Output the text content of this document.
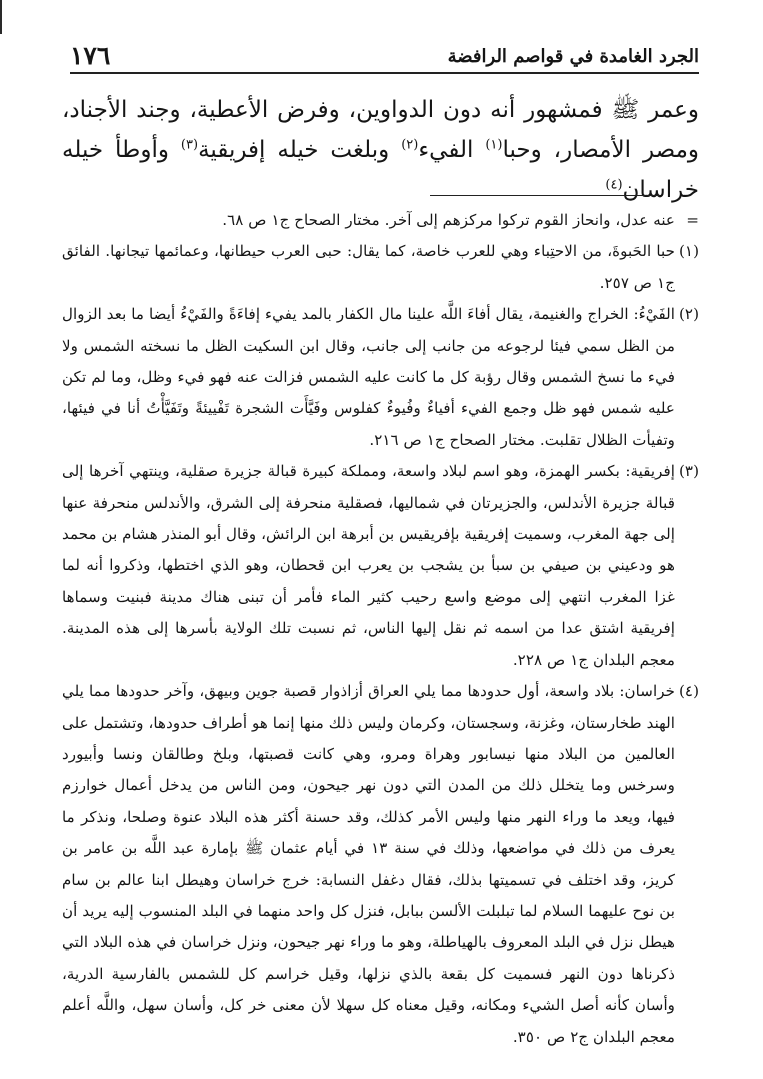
الجرد الغامدة في قواصم الرافضة
١٧٦

وعمر ﷺ فمشهور أنه دون الدواوين، وفرض الأعطية، وجند الأجناد، ومصر الأمصار، وحبا$^{(١)}$ الفيء$^{(٢)}$ وبلغت خيله إفريقية$^{(٣)}$ وأوطأ خيله خراسان$^{(٤)}$

=
عنه عدل، وانحاز القوم تركوا مركزهم إلى آخر. مختار الصحاح ج١ ص ٦٨.
(١)
حبا الحَبوةَ، من الاحتِباء وهي للعرب خاصة، كما يقال: حبى العرب حيطانها، وعمائمها تيجانها. الفائق ج١ ص ٢٥٧.
(٢)
الفَيْءُ: الخراج والغنيمة، يقال أفاءَ اللَّه علينا مال الكفار بالمد يفيء إفاءَةً والفَيْءُ أيضا ما بعد الزوال من الظل سمي فيئا لرجوعه من جانب إلى جانب، وقال ابن السكيت الظل ما نسخته الشمس ولا فيء ما نسخ الشمس وقال رؤبة كل ما كانت عليه الشمس فزالت عنه فهو فيء وظل، وما لم تكن عليه شمس فهو ظل وجمع الفيء أفياءٌ وفُيوءٌ كفلوس وفَيَّأَت الشجرة تَفْييئةً وتَفَيَّأْتُ أنا في فيئها، وتفيأت الظلال تقلبت. مختار الصحاح ج١ ص ٢١٦.
(٣)
إفريقية: بكسر الهمزة، وهو اسم لبلاد واسعة، ومملكة كبيرة قبالة جزيرة صقلية، وينتهي آخرها إلى قبالة جزيرة الأندلس، والجزيرتان في شماليها، فصقلية منحرفة إلى الشرق، والأندلس منحرفة عنها إلى جهة المغرب، وسميت إفريقية بإفريقيس بن أبرهة ابن الرائش، وقال أبو المنذر هشام بن محمد هو ودعيني بن صيفي بن سبأ بن يشجب بن يعرب ابن قحطان، وهو الذي اختطها، وذكروا أنه لما غزا المغرب انتهي إلى موضع واسع رحيب كثير الماء فأمر أن تبنى هناك مدينة فبنيت وسماها إفريقية اشتق عدا من اسمه ثم نقل إليها الناس، ثم نسبت تلك الولاية بأسرها إلى هذه المدينة. معجم البلدان ج١ ص ٢٢٨.
(٤)
خراسان: بلاد واسعة، أول حدودها مما يلي العراق أزاذوار قصبة جوين وبيهق، وآخر حدودها مما يلي الهند طخارستان، وغزنة، وسجستان، وكرمان وليس ذلك منها إنما هو أطراف حدودها، وتشتمل على العالمين من البلاد منها نيسابور وهراة ومرو، وهي كانت قصبتها، وبلخ وطالقان ونسا وأبيورد وسرخس وما يتخلل ذلك من المدن التي دون نهر جيحون، ومن الناس من يدخل أعمال خوارزم فيها، ويعد ما وراء النهر منها وليس الأمر كذلك، وقد حسنة أكثر هذه البلاد عنوة وصلحا، ونذكر ما يعرف من ذلك في مواضعها، وذلك في سنة ١٣ في أيام عثمان ﷺ بإمارة عبد اللَّه بن عامر بن كريز، وقد اختلف في تسميتها بذلك، فقال دغفل النسابة: خرج خراسان وهيطل ابنا عالم بن سام بن نوح عليهما السلام لما تبلبلت الألسن ببابل، فنزل كل واحد منهما في البلد المنسوب إليه يريد أن هيطل نزل في البلد المعروف بالهياطلة، وهو ما وراء نهر جيحون، ونزل خراسان في هذه البلاد التي ذكرناها دون النهر فسميت كل بقعة بالذي نزلها، وقيل خراسم كل للشمس بالفارسية الدرية، وأسان كأنه أصل الشيء ومكانه، وقيل معناه كل سهلا لأن معنى خر كل، وأسان سهل، واللَّه أعلم معجم البلدان ج٢ ص ٣٥٠.
